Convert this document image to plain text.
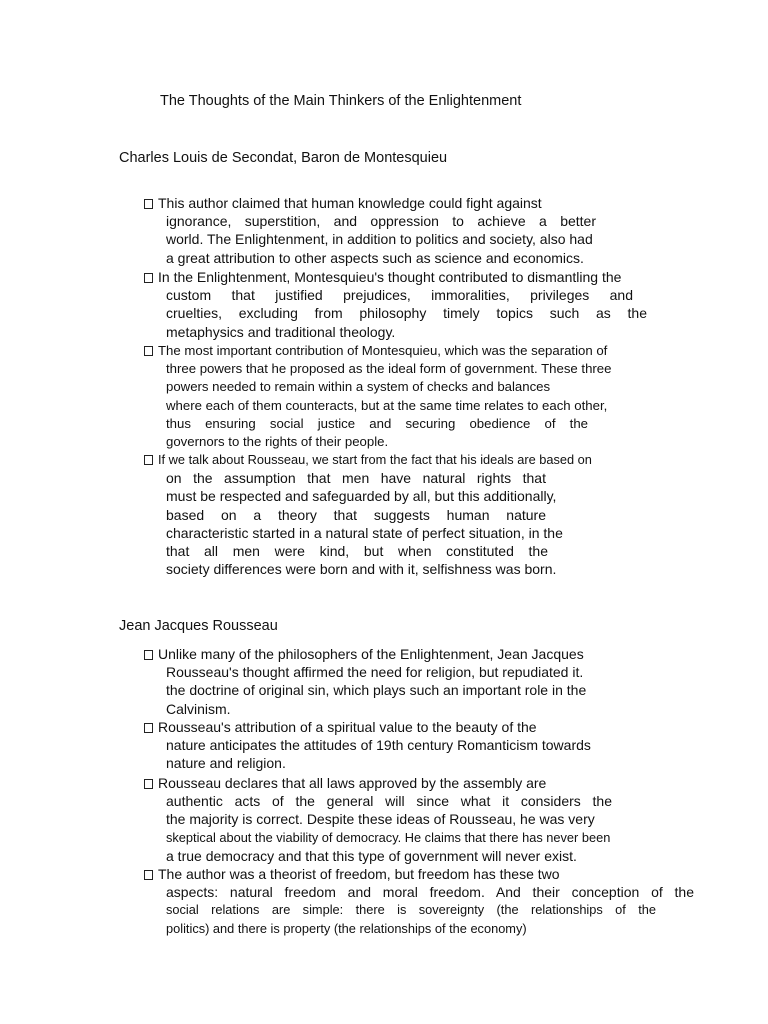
The Thoughts of the Main Thinkers of the Enlightenment
Charles Louis de Secondat, Baron de Montesquieu
This author claimed that human knowledge could fight against
ignorance, superstition, and oppression to achieve a better
world. The Enlightenment, in addition to politics and society, also had
a great attribution to other aspects such as science and economics.
In the Enlightenment, Montesquieu's thought contributed to dismantling the
custom that justified prejudices, immoralities, privileges and
cruelties, excluding from philosophy timely topics such as the
metaphysics and traditional theology.
The most important contribution of Montesquieu, which was the separation of
three powers that he proposed as the ideal form of government. These three
powers needed to remain within a system of checks and balances
where each of them counteracts, but at the same time relates to each other,
thus ensuring social justice and securing obedience of the
governors to the rights of their people.
If we talk about Rousseau, we start from the fact that his ideals are based on
on the assumption that men have natural rights that
must be respected and safeguarded by all, but this additionally,
based on a theory that suggests human nature
characteristic started in a natural state of perfect situation, in the
that all men were kind, but when constituted the
society differences were born and with it, selfishness was born.
Jean Jacques Rousseau
Unlike many of the philosophers of the Enlightenment, Jean Jacques
Rousseau's thought affirmed the need for religion, but repudiated it.
the doctrine of original sin, which plays such an important role in the
Calvinism.
Rousseau's attribution of a spiritual value to the beauty of the
nature anticipates the attitudes of 19th century Romanticism towards
nature and religion.
Rousseau declares that all laws approved by the assembly are
authentic acts of the general will since what it considers the
the majority is correct. Despite these ideas of Rousseau, he was very
skeptical about the viability of democracy. He claims that there has never been
a true democracy and that this type of government will never exist.
The author was a theorist of freedom, but freedom has these two
aspects: natural freedom and moral freedom. And their conception of the
social relations are simple: there is sovereignty (the relationships of the
politics) and there is property (the relationships of the economy)
